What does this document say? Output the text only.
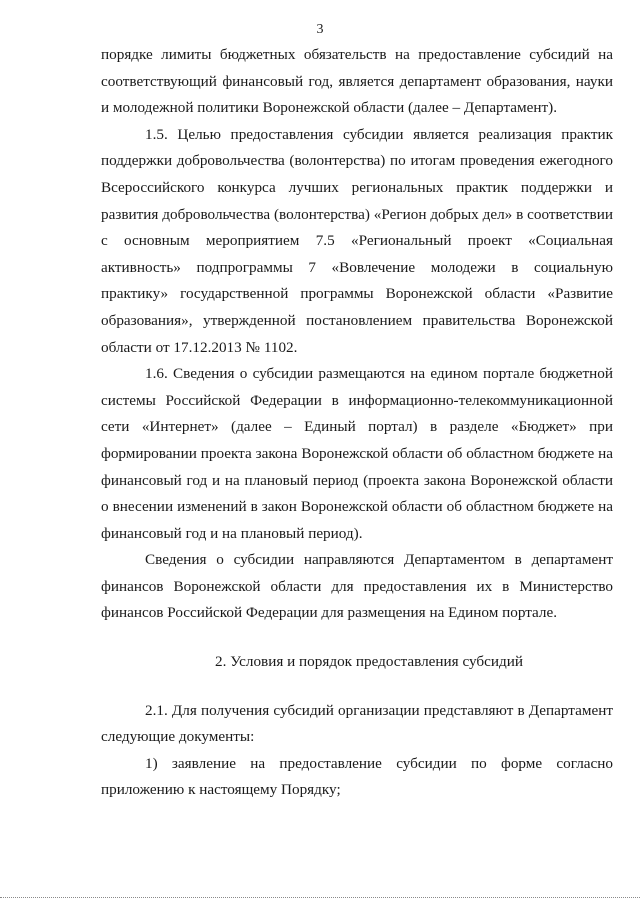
3

порядке лимиты бюджетных обязательств на предоставление субсидий на соответствующий финансовый год, является департамент образования, науки и молодежной политики Воронежской области (далее – Департамент).

1.5. Целью предоставления субсидии является реализация практик поддержки добровольчества (волонтерства) по итогам проведения ежегодного Всероссийского конкурса лучших региональных практик поддержки и развития добровольчества (волонтерства) «Регион добрых дел» в соответствии с основным мероприятием 7.5 «Региональный проект «Социальная активность» подпрограммы 7 «Вовлечение молодежи в социальную практику» государственной программы Воронежской области «Развитие образования», утвержденной постановлением правительства Воронежской области от 17.12.2013 № 1102.

1.6. Сведения о субсидии размещаются на едином портале бюджетной системы Российской Федерации в информационно-телекоммуникационной сети «Интернет» (далее – Единый портал) в разделе «Бюджет» при формировании проекта закона Воронежской области об областном бюджете на финансовый год и на плановый период (проекта закона Воронежской области о внесении изменений в закон Воронежской области об областном бюджете на финансовый год и на плановый период).

Сведения о субсидии направляются Департаментом в департамент финансов Воронежской области для предоставления их в Министерство финансов Российской Федерации для размещения на Едином портале.

2. Условия и порядок предоставления субсидий

2.1. Для получения субсидий организации представляют в Департамент следующие документы:

1) заявление на предоставление субсидии по форме согласно приложению к настоящему Порядку;
